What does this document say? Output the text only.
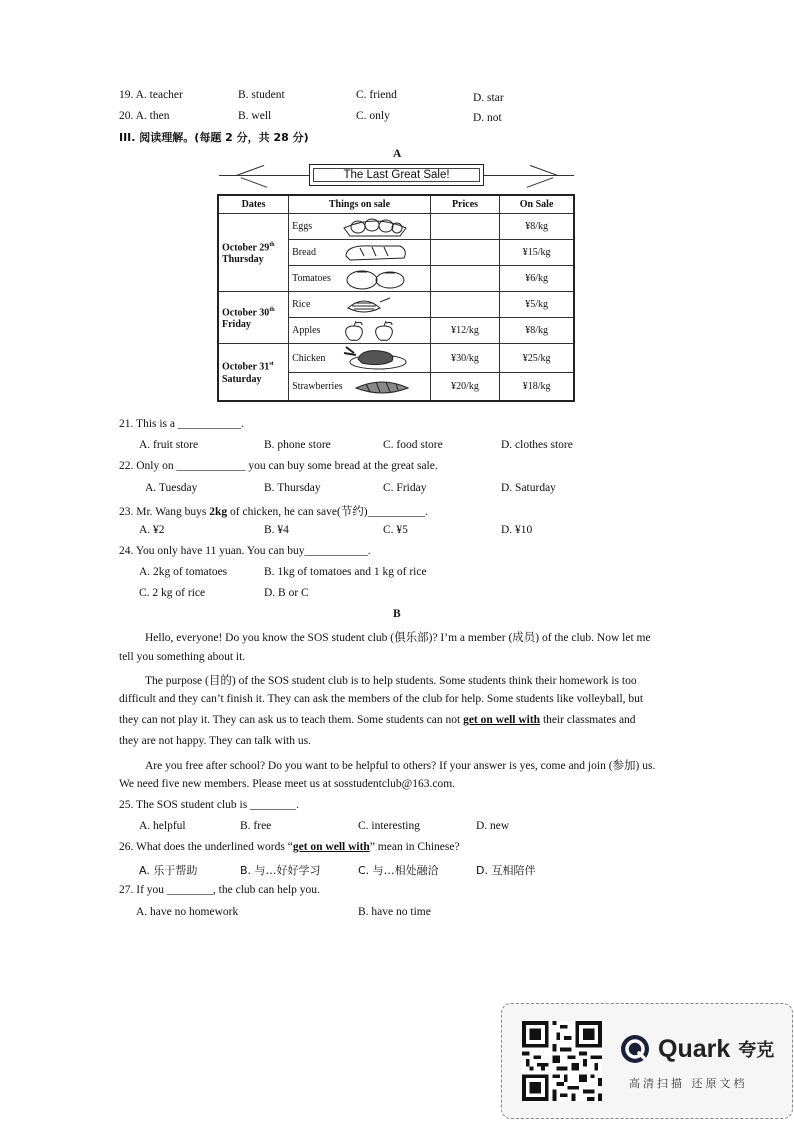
19. A. teacher	B. student	C. friend	D. star
20. A. then	B. well	C. only	D. not
III. 阅读理解。(每题 2 分，共 28 分)
A
The Last Great Sale!
Dates	Things on sale	Prices	On Sale
October 29th
Thursday	Eggs		¥8/kg

	Bread		¥15/kg

	Tomatoes		¥6/kg
October 30th
Friday	Rice		¥5/kg

	Apples	¥12/kg	¥8/kg
October 31st
Saturday	Chicken	¥30/kg	¥25/kg

	Strawberries	¥20/kg	¥18/kg
21. This is a ___________.
A. fruit store	B. phone store	C. food store	D. clothes store
22. Only on ____________ you can buy some bread at the great sale.
A. Tuesday	B. Thursday	C. Friday	D. Saturday
23. Mr. Wang buys 2kg of chicken, he can save(节约)__________.
A. ¥2	B. ¥4	C. ¥5	D. ¥10
24. You only have 11 yuan. You can buy___________.
A. 2kg of tomatoes	B. 1kg of tomatoes and 1 kg of rice
C. 2 kg of rice	D. B or C
B
Hello, everyone! Do you know the SOS student club (俱乐部)? I’m a member (成员) of the club. Now let me
tell you something about it.
The purpose (目的) of the SOS student club is to help students. Some students think their homework is too
difficult and they can’t finish it. They can ask the members of the club for help. Some students like volleyball, but
they can not play it. They can ask us to teach them. Some students can not get on well with their classmates and
they are not happy. They can talk with us.
Are you free after school? Do you want to be helpful to others? If your answer is yes, come and join (参加) us.
We need five new members. Please meet us at sosstudentclub@163.com.
25. The SOS student club is ________.
A. helpful	B. free	C. interesting	D. new
26. What does the underlined words “get on well with” mean in Chinese?
A. 乐于帮助	B. 与…好好学习	C. 与…相处融洽	D. 互相陪伴
27. If you ________, the club can help you.
A. have no homework	B. have no time
Quark 夸克
高清扫描 还原文档
